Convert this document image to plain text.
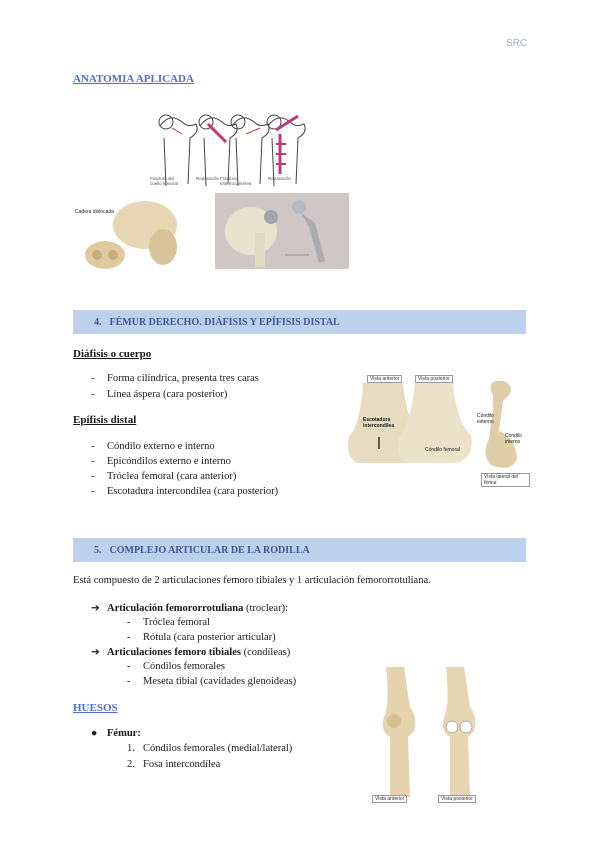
SRC
ANATOMIA APLICADA
Fractura del cuello femoral
Reparación Fractura intertrocantérea
Reparación
Cadera dislocada
4. FÉMUR DERECHO. DIÁFISIS Y EPÍFISIS DISTAL
Diáfisis o cuerpo
-	Forma cilíndrica, presenta tres caras
-	Línea áspera (cara posterior)
Epífisis distal
-	Cóndilo externo e interno
-	Epicóndilos externo e interno
-	Tróclea femoral (cara anterior)
-	Escotadura intercondílea (cara posterior)
Vista anterior	Vista posterior
Escotadura intercondílea
Cóndilo femoral
Cóndilo externo
Cóndilo interno
Vista lateral del fémur
5. COMPLEJO ARTICULAR DE LA RODILLA
Está compuesto de 2 articulaciones femoro tibiales y 1 articulación femororrotuliana.
➔ Articulación femororrotuliana (troclear):
-	Tróclea femoral
-	Rótula (cara posterior articular)
➔ Articulaciones femoro tibiales (condíleas)
-	Cóndilos femorales
-	Meseta tibial (cavidades glenoideas)
HUESOS
● Fémur:
1. Cóndilos femorales (medial/lateral)
2. Fosa intercondílea
Vista anterior	Vista posterior
